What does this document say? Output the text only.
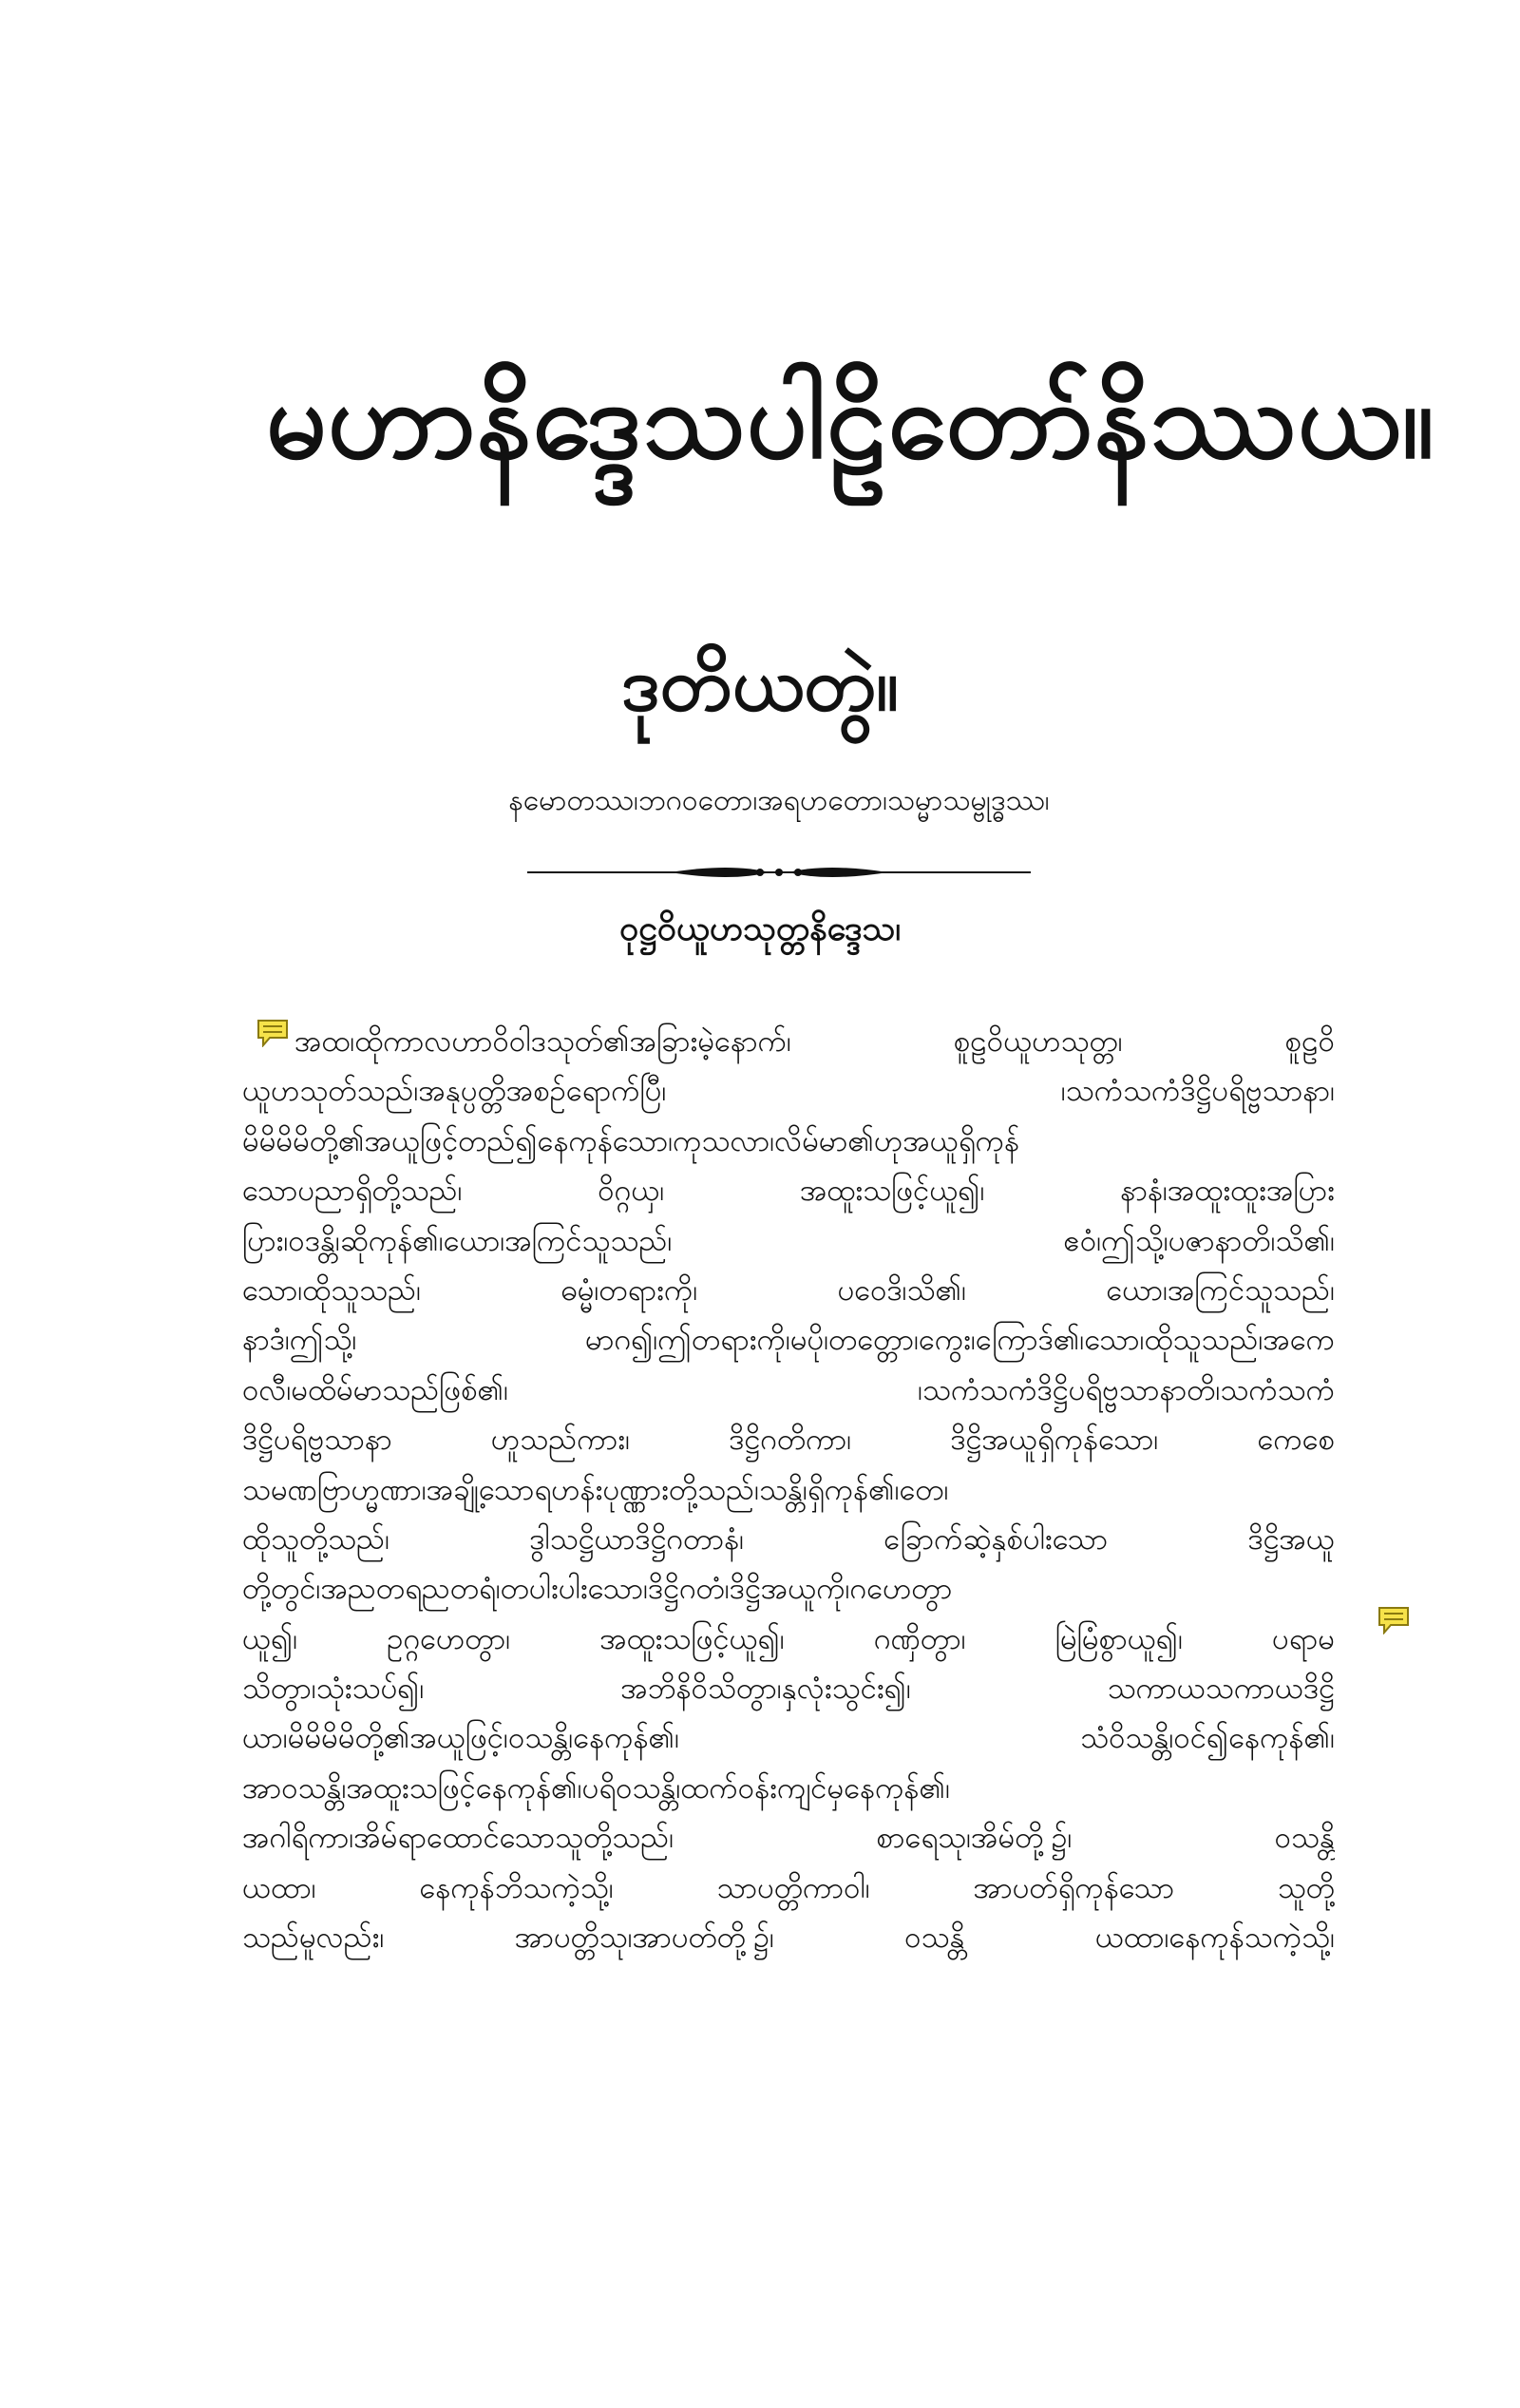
မဟာနိဒ္ဒေသပါဠိတော်နိဿယ။
ဒုတိယတွဲ။
နမောတဿ၊ဘဂဝတော၊အရဟတော၊သမ္မာသမ္ဗုဒ္ဓဿ၊
ဝုဋ္ဌဝိယူဟသုတ္တနိဒ္ဒေသ၊
အထ၊ထိုကာလဟာဝိဝါဒသုတ်၏အခြားမဲ့နောက်၊ စူဠဝိယူဟသုတ္တ၊ စူဠဝိ
ယူဟသုတ်သည်၊အနုပ္ပတ္တိအစဉ်ရောက်ပြီ၊ ၊သကံသကံဒိဋ္ဌိပရိဗ္ဗသာနာ၊
မိမိမိမိတို့၏အယူဖြင့်တည်၍နေကုန်သော၊ကုသလာ၊လိမ်မာ၏ဟုအယူရှိကုန်
သောပညာရှိတို့သည်၊ ဝိဂ္ဂယှ၊ အထူးသဖြင့်ယူ၍၊ နာနံ၊အထူးထူးအပြား
ပြား၊ဝဒန္တိ၊ဆိုကုန်၏၊ယော၊အကြင်သူသည်၊ ဧဝံ၊ဤသို့၊ပဇာနာတိ၊သိ၏၊
သော၊ထိုသူသည်၊ ဓမ္မံ၊တရားကို၊ ပဝေဒိ၊သိ၏၊ ယော၊အကြင်သူသည်၊
နာဒံ၊ဤသို့၊ မာဂ၍၊ဤတရားကို၊မပို၊တတ္တော၊ကွေး၊ကြောဒ်၏၊သော၊ထိုသူသည်၊အကေ
ဝလီ၊မထိမ်မာသည်ဖြစ်၏၊ ၊သကံသကံဒိဋ္ဌိပရိဗ္ဗသာနာတိ၊သကံသကံ
ဒိဋ္ဌိပရိဗ္ဗသာနာ ဟူသည်ကား၊ ဒိဋ္ဌိဂတိကာ၊ ဒိဋ္ဌိအယူရှိကုန်သော၊ ကေစေ
သမဏဗြာဟ္မဏာ၊အချို့သောရဟန်းပုဏ္ဏားတို့သည်၊သန္တိ၊ရှိကုန်၏၊တေ၊
ထိုသူတို့သည်၊ ဒွါသဋ္ဌိယာဒိဋ္ဌိဂတာနံ၊ ခြောက်ဆဲ့နှစ်ပါးသော ဒိဋ္ဌိအယူ
တို့တွင်၊အညတရညတရံ၊တပါးပါးသော၊ဒိဋ္ဌိဂတံ၊ဒိဋ္ဌိအယူကို၊ဂဟေတွာ
ယူ၍၊ ဥဂ္ဂဟေတွာ၊ အထူးသဖြင့်ယူ၍၊ ဂဏှိတွာ၊ မြဲမြံစွာယူ၍၊ ပရာမ
သိတွာ၊သုံးသပ်၍၊ အဘိနိဝိသိတွာ၊နှလုံးသွင်း၍၊ သကာယသကာယဒိဋ္ဌိ
ယာ၊မိမိမိမိတို့၏အယူဖြင့်၊ဝသန္တိ၊နေကုန်၏၊ သံဝိသန္တိ၊ဝင်၍နေကုန်၏၊
အာဝသန္တိ၊အထူးသဖြင့်နေကုန်၏၊ပရိဝသန္တိ၊ထက်ဝန်းကျင်မှနေကုန်၏၊
အဂါရိကာ၊အိမ်ရာထောင်သောသူတို့သည်၊ စာရေသု၊အိမ်တို့၌၊ ဝသန္တိ
ယထာ၊ နေကုန်ဘိသကဲ့သို့၊ သာပတ္တိကာဝါ၊ အာပတ်ရှိကုန်သော သူတို့
သည်မူလည်း၊ အာပတ္တိသု၊အာပတ်တို့၌၊ ဝသန္တိ ယထာ၊နေကုန်သကဲ့သို့၊
